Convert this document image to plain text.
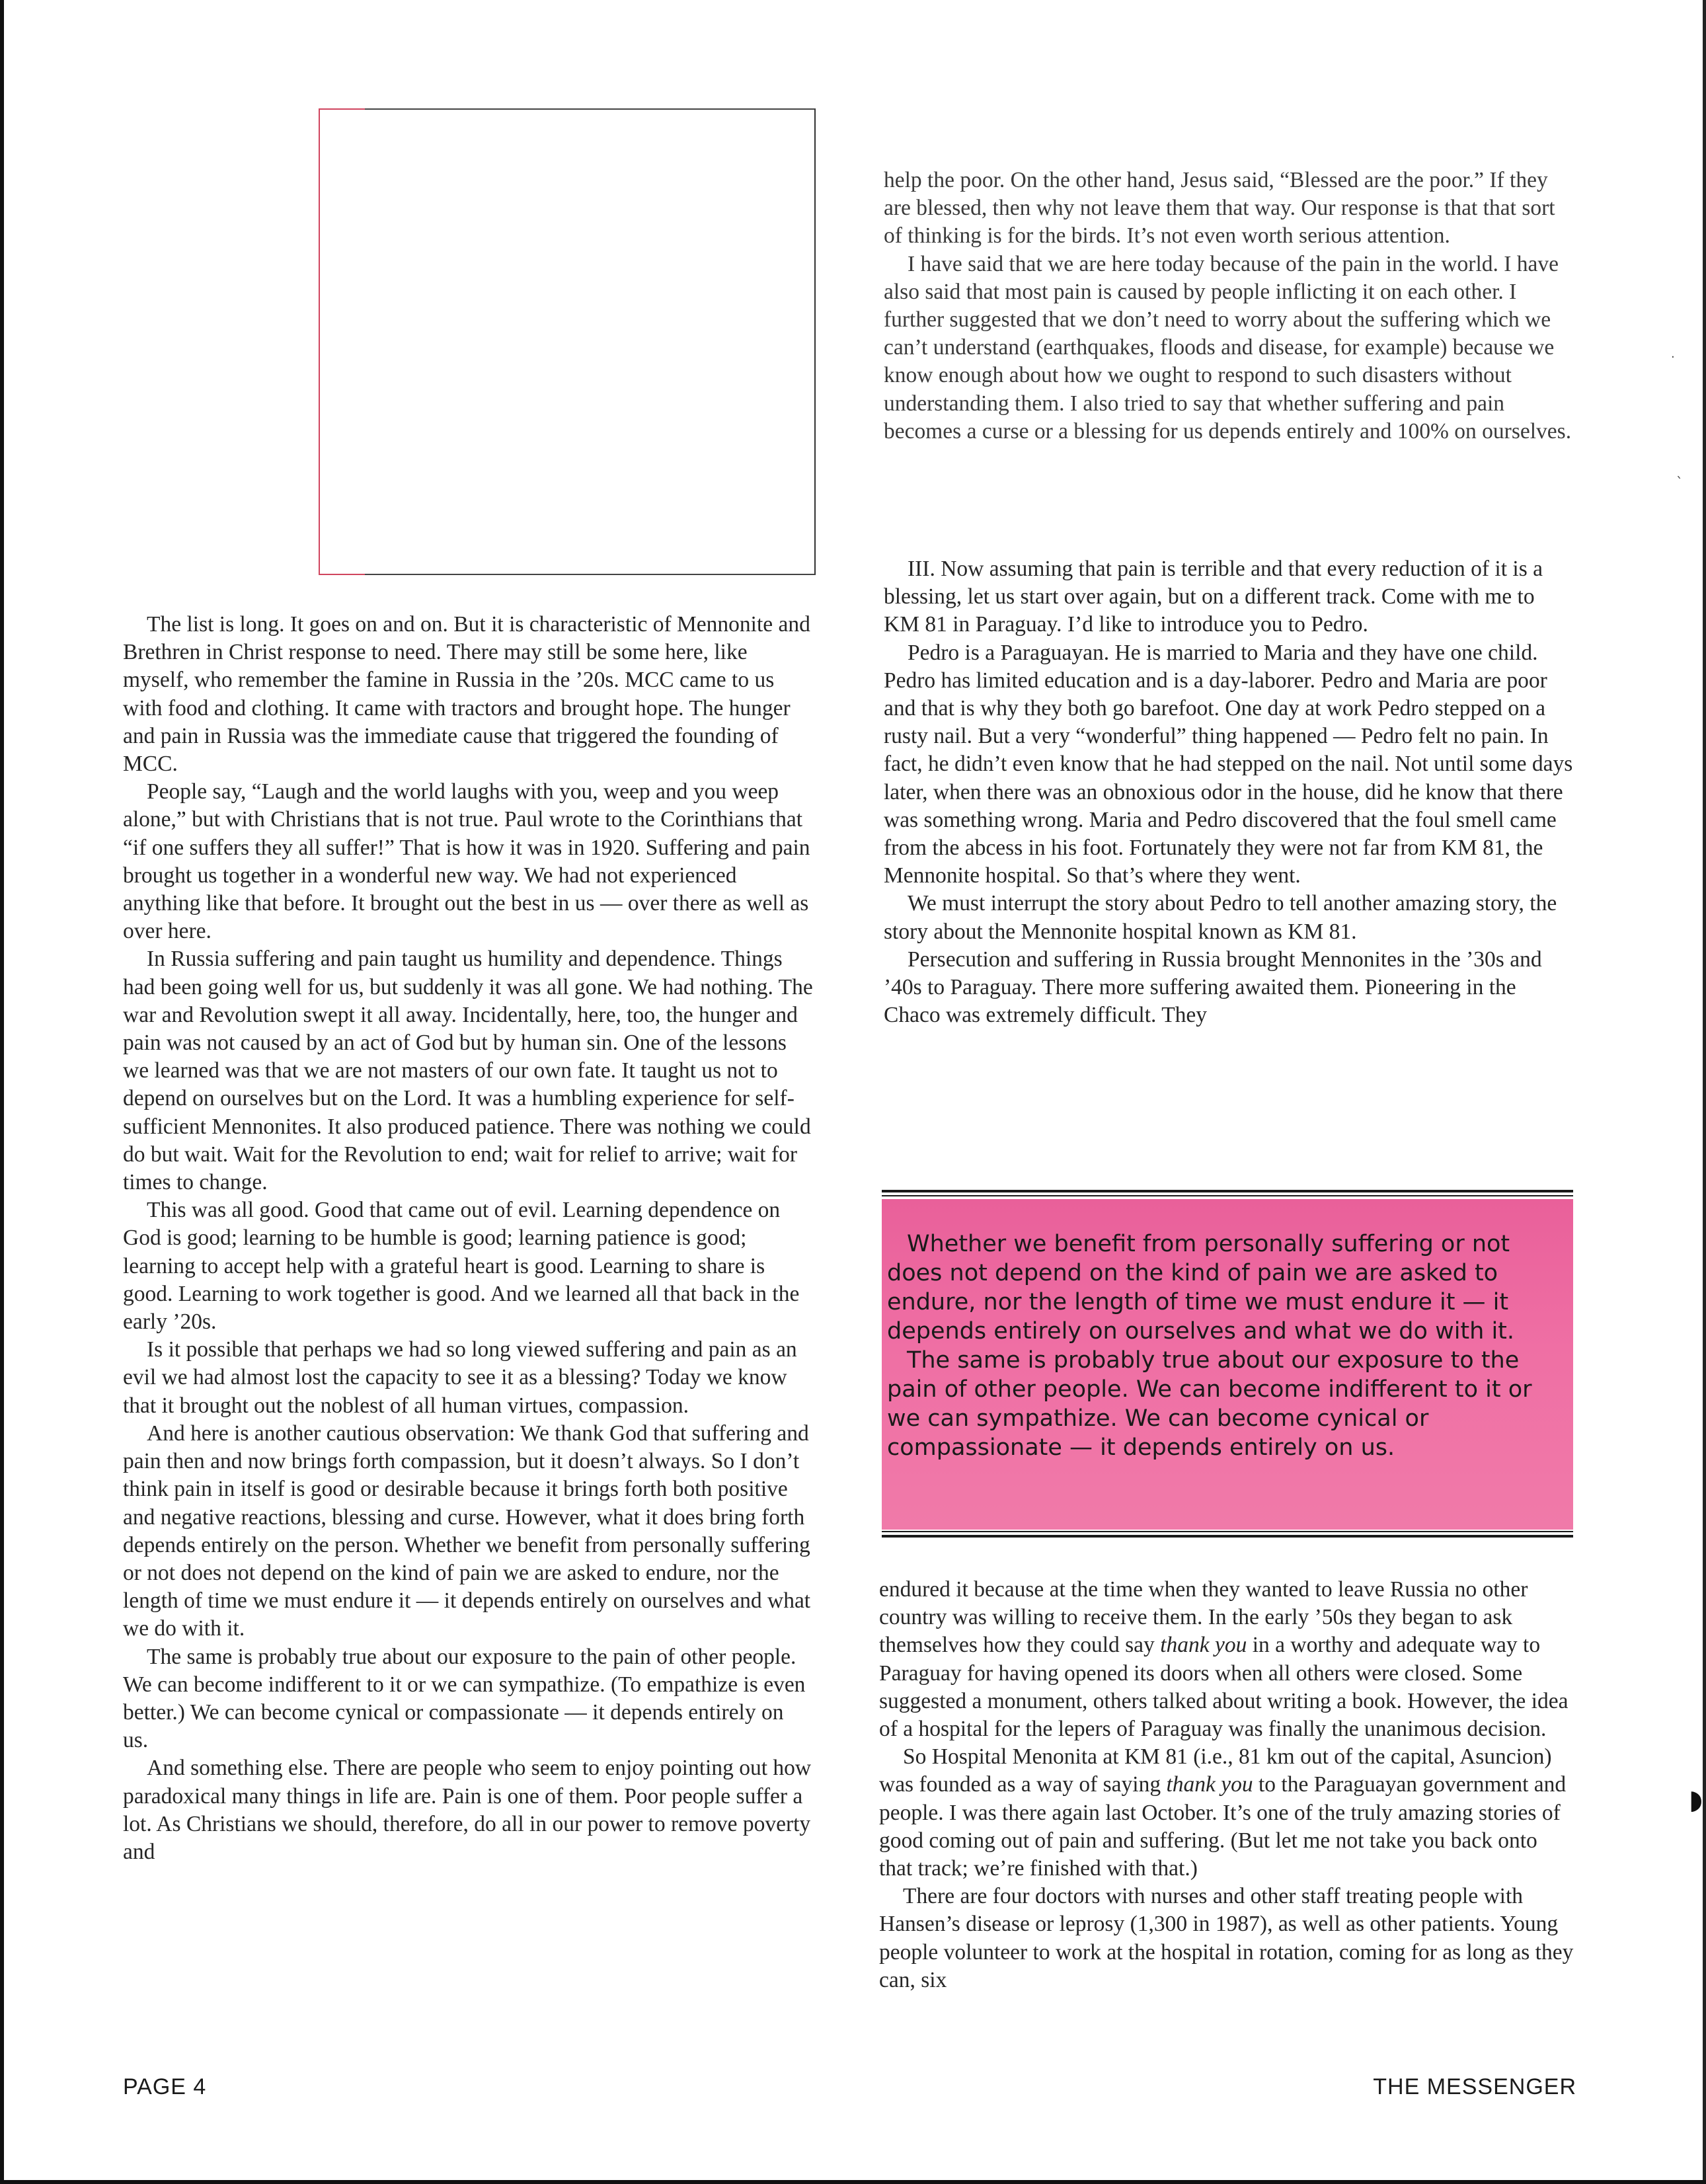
help the poor. On the other hand, Jesus said, “Blessed are the poor.” If they are blessed, then why not leave them that way. Our response is that that sort of thinking is for the birds. It’s not even worth serious attention.

I have said that we are here today because of the pain in the world. I have also said that most pain is caused by people inflicting it on each other. I further suggested that we don’t need to worry about the suffering which we can’t understand (earthquakes, floods and disease, for example) because we know enough about how we ought to respond to such disasters without understanding them. I also tried to say that whether suffering and pain becomes a curse or a blessing for us depends entirely and 100% on ourselves.

III. Now assuming that pain is terrible and that every reduction of it is a blessing, let us start over again, but on a different track. Come with me to KM 81 in Paraguay. I’d like to introduce you to Pedro.

Pedro is a Paraguayan. He is married to Maria and they have one child. Pedro has limited education and is a day-laborer. Pedro and Maria are poor and that is why they both go barefoot. One day at work Pedro stepped on a rusty nail. But a very “wonderful” thing happened — Pedro felt no pain. In fact, he didn’t even know that he had stepped on the nail. Not until some days later, when there was an obnoxious odor in the house, did he know that there was something wrong. Maria and Pedro discovered that the foul smell came from the abcess in his foot. Fortunately they were not far from KM 81, the Mennonite hospital. So that’s where they went.

We must interrupt the story about Pedro to tell another amazing story, the story about the Mennonite hospital known as KM 81.

Persecution and suffering in Russia brought Mennonites in the ’30s and ’40s to Paraguay. There more suffering awaited them. Pioneering in the Chaco was extremely difficult. They

The list is long. It goes on and on. But it is characteristic of Mennonite and Brethren in Christ response to need. There may still be some here, like myself, who remember the famine in Russia in the ’20s. MCC came to us with food and clothing. It came with tractors and brought hope. The hunger and pain in Russia was the immediate cause that triggered the founding of MCC.

People say, “Laugh and the world laughs with you, weep and you weep alone,” but with Christians that is not true. Paul wrote to the Corinthians that “if one suffers they all suffer!” That is how it was in 1920. Suffering and pain brought us together in a wonderful new way. We had not experienced anything like that before. It brought out the best in us — over there as well as over here.

In Russia suffering and pain taught us humility and dependence. Things had been going well for us, but suddenly it was all gone. We had nothing. The war and Revolution swept it all away. Incidentally, here, too, the hunger and pain was not caused by an act of God but by human sin. One of the lessons we learned was that we are not masters of our own fate. It taught us not to depend on ourselves but on the Lord. It was a humbling experience for self-sufficient Mennonites. It also produced patience. There was nothing we could do but wait. Wait for the Revolution to end; wait for relief to arrive; wait for times to change.

This was all good. Good that came out of evil. Learning dependence on God is good; learning to be humble is good; learning patience is good; learning to accept help with a grateful heart is good. Learning to share is good. Learning to work together is good. And we learned all that back in the early ’20s.

Is it possible that perhaps we had so long viewed suffering and pain as an evil we had almost lost the capacity to see it as a blessing? Today we know that it brought out the noblest of all human virtues, compassion.

And here is another cautious observation: We thank God that suffering and pain then and now brings forth compassion, but it doesn’t always. So I don’t think pain in itself is good or desirable because it brings forth both positive and negative reactions, blessing and curse. However, what it does bring forth depends entirely on the person. Whether we benefit from personally suffering or not does not depend on the kind of pain we are asked to endure, nor the length of time we must endure it — it depends entirely on ourselves and what we do with it.

The same is probably true about our exposure to the pain of other people. We can become indifferent to it or we can sympathize. (To empathize is even better.) We can become cynical or compassionate — it depends entirely on us.

And something else. There are people who seem to enjoy pointing out how paradoxical many things in life are. Pain is one of them. Poor people suffer a lot. As Christians we should, therefore, do all in our power to remove poverty and

Whether we benefit from personally suffering or not does not depend on the kind of pain we are asked to endure, nor the length of time we must endure it — it depends entirely on ourselves and what we do with it.

The same is probably true about our exposure to the pain of other people. We can become indifferent to it or we can sympathize. We can become cynical or compassionate — it depends entirely on us.

endured it because at the time when they wanted to leave Russia no other country was willing to receive them. In the early ’50s they began to ask themselves how they could say thank you in a worthy and adequate way to Paraguay for having opened its doors when all others were closed. Some suggested a monument, others talked about writing a book. However, the idea of a hospital for the lepers of Paraguay was finally the unanimous decision.

So Hospital Menonita at KM 81 (i.e., 81 km out of the capital, Asuncion) was founded as a way of saying thank you to the Paraguayan government and people. I was there again last October. It’s one of the truly amazing stories of good coming out of pain and suffering. (But let me not take you back onto that track; we’re finished with that.)

There are four doctors with nurses and other staff treating people with Hansen’s disease or leprosy (1,300 in 1987), as well as other patients. Young people volunteer to work at the hospital in rotation, coming for as long as they can, six

PAGE 4	THE MESSENGER
·
ˎ
◗
